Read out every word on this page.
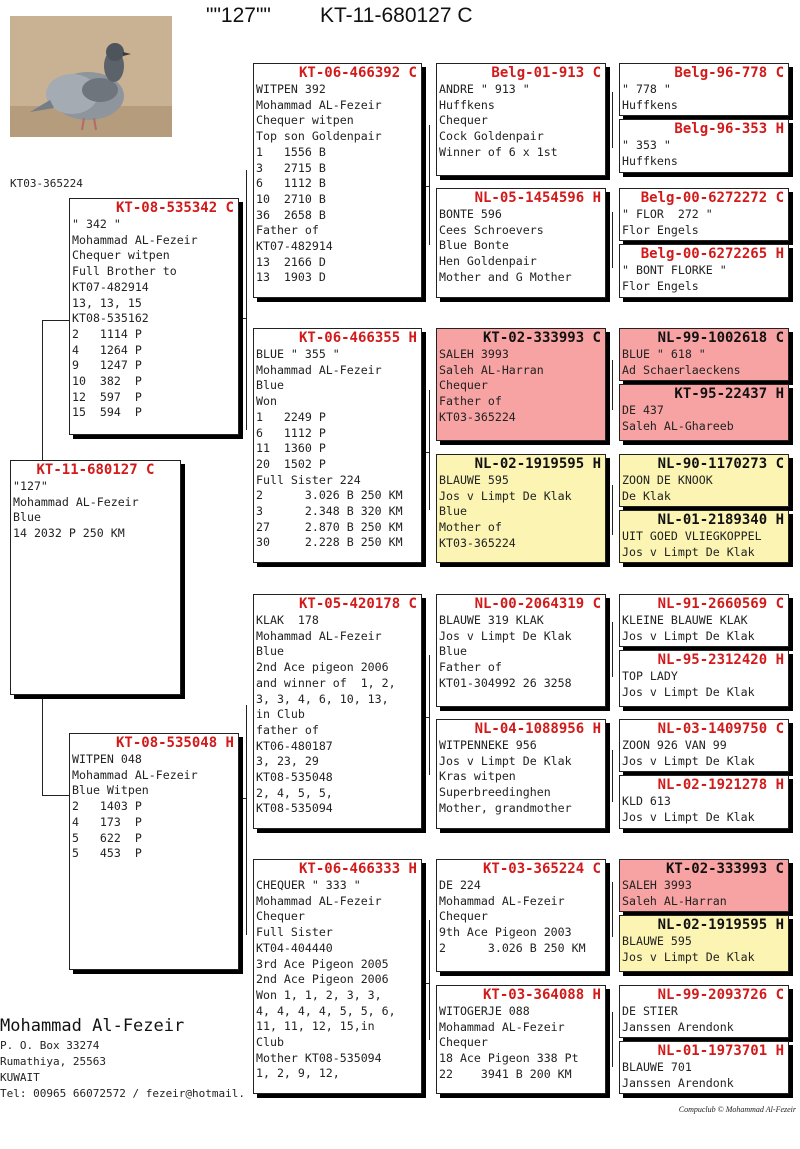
""127"" KT-11-680127 C
KT03-365224
KT-11-680127 C
"127"
Mohammad AL-Fezeir
Blue
14 2032 P 250 KM
KT-08-535342 C
" 342 "
Mohammad AL-Fezeir
Chequer witpen
Full Brother to
KT07-482914
13, 13, 15
KT08-535162
2   1114 P
4   1264 P
9   1247 P
10  382  P
12  597  P
15  594  P
KT-08-535048 H
WITPEN 048
Mohammad AL-Fezeir
Blue Witpen
2   1403 P
4   173  P
5   622  P
5   453  P
KT-06-466392 C
WITPEN 392
Mohammad AL-Fezeir
Chequer witpen
Top son Goldenpair
1   1556 B
3   2715 B
6   1112 B
10  2710 B
36  2658 B
Father of
KT07-482914
13  2166 D
13  1903 D
KT-06-466355 H
BLUE " 355 "
Mohammad AL-Fezeir
Blue
Won
1   2249 P
6   1112 P
11  1360 P
20  1502 P
Full Sister 224
2      3.026 B 250 KM
3      2.348 B 320 KM
27     2.870 B 250 KM
30     2.228 B 250 KM
KT-05-420178 C
KLAK  178
Mohammad AL-Fezeir
Blue
2nd Ace pigeon 2006
and winner of  1, 2,
3, 3, 4, 6, 10, 13,
in Club
father of
KT06-480187
3, 23, 29
KT08-535048
2, 4, 5, 5,
KT08-535094
KT-06-466333 H
CHEQUER " 333 "
Mohammad AL-Fezeir
Chequer
Full Sister
KT04-404440
3rd Ace Pigeon 2005
2nd Ace Pigeon 2006
Won 1, 1, 2, 3, 3,
4, 4, 4, 4, 5, 5, 6,
11, 11, 12, 15,in
Club
Mother KT08-535094
1, 2, 9, 12,
Belg-01-913 C
ANDRE " 913 "
Huffkens
Chequer
Cock Goldenpair
Winner of 6 x 1st
NL-05-1454596 H
BONTE 596
Cees Schroevers
Blue Bonte
Hen Goldenpair
Mother and G Mother
KT-02-333993 C
SALEH 3993
Saleh AL-Harran
Chequer
Father of
KT03-365224
NL-02-1919595 H
BLAUWE 595
Jos v Limpt De Klak
Blue
Mother of
KT03-365224
NL-00-2064319 C
BLAUWE 319 KLAK
Jos v Limpt De Klak
Blue
Father of
KT01-304992 26 3258
NL-04-1088956 H
WITPENNEKE 956
Jos v Limpt De Klak
Kras witpen
Superbreedinghen
Mother, grandmother
KT-03-365224 C
DE 224
Mohammad AL-Fezeir
Chequer
9th Ace Pigeon 2003
2      3.026 B 250 KM
KT-03-364088 H
WITOGERJE 088
Mohammad AL-Fezeir
Chequer
18 Ace Pigeon 338 Pt
22    3941 B 200 KM
Belg-96-778 C
" 778 "
Huffkens
Belg-96-353 H
" 353 "
Huffkens
Belg-00-6272272 C
" FLOR  272 "
Flor Engels
Belg-00-6272265 H
" BONT FLORKE "
Flor Engels
NL-99-1002618 C
BLUE " 618 "
Ad Schaerlaeckens
KT-95-22437 H
DE 437
Saleh AL-Ghareeb
NL-90-1170273 C
ZOON DE KNOOK
De Klak
NL-01-2189340 H
UIT GOED VLIEGKOPPEL
Jos v Limpt De Klak
NL-91-2660569 C
KLEINE BLAUWE KLAK
Jos v Limpt De Klak
NL-95-2312420 H
TOP LADY
Jos v Limpt De Klak
NL-03-1409750 C
ZOON 926 VAN 99
Jos v Limpt De Klak
NL-02-1921278 H
KLD 613
Jos v Limpt De Klak
KT-02-333993 C
SALEH 3993
Saleh AL-Harran
NL-02-1919595 H
BLAUWE 595
Jos v Limpt De Klak
NL-99-2093726 C
DE STIER
Janssen Arendonk
NL-01-1973701 H
BLAUWE 701
Janssen Arendonk
Mohammad Al-Fezeir
P. O. Box 33274
Rumathiya, 25563
KUWAIT
Tel: 00965 66072572 / fezeir@hotmail.
Compuclub © Mohammad Al-Fezeir
